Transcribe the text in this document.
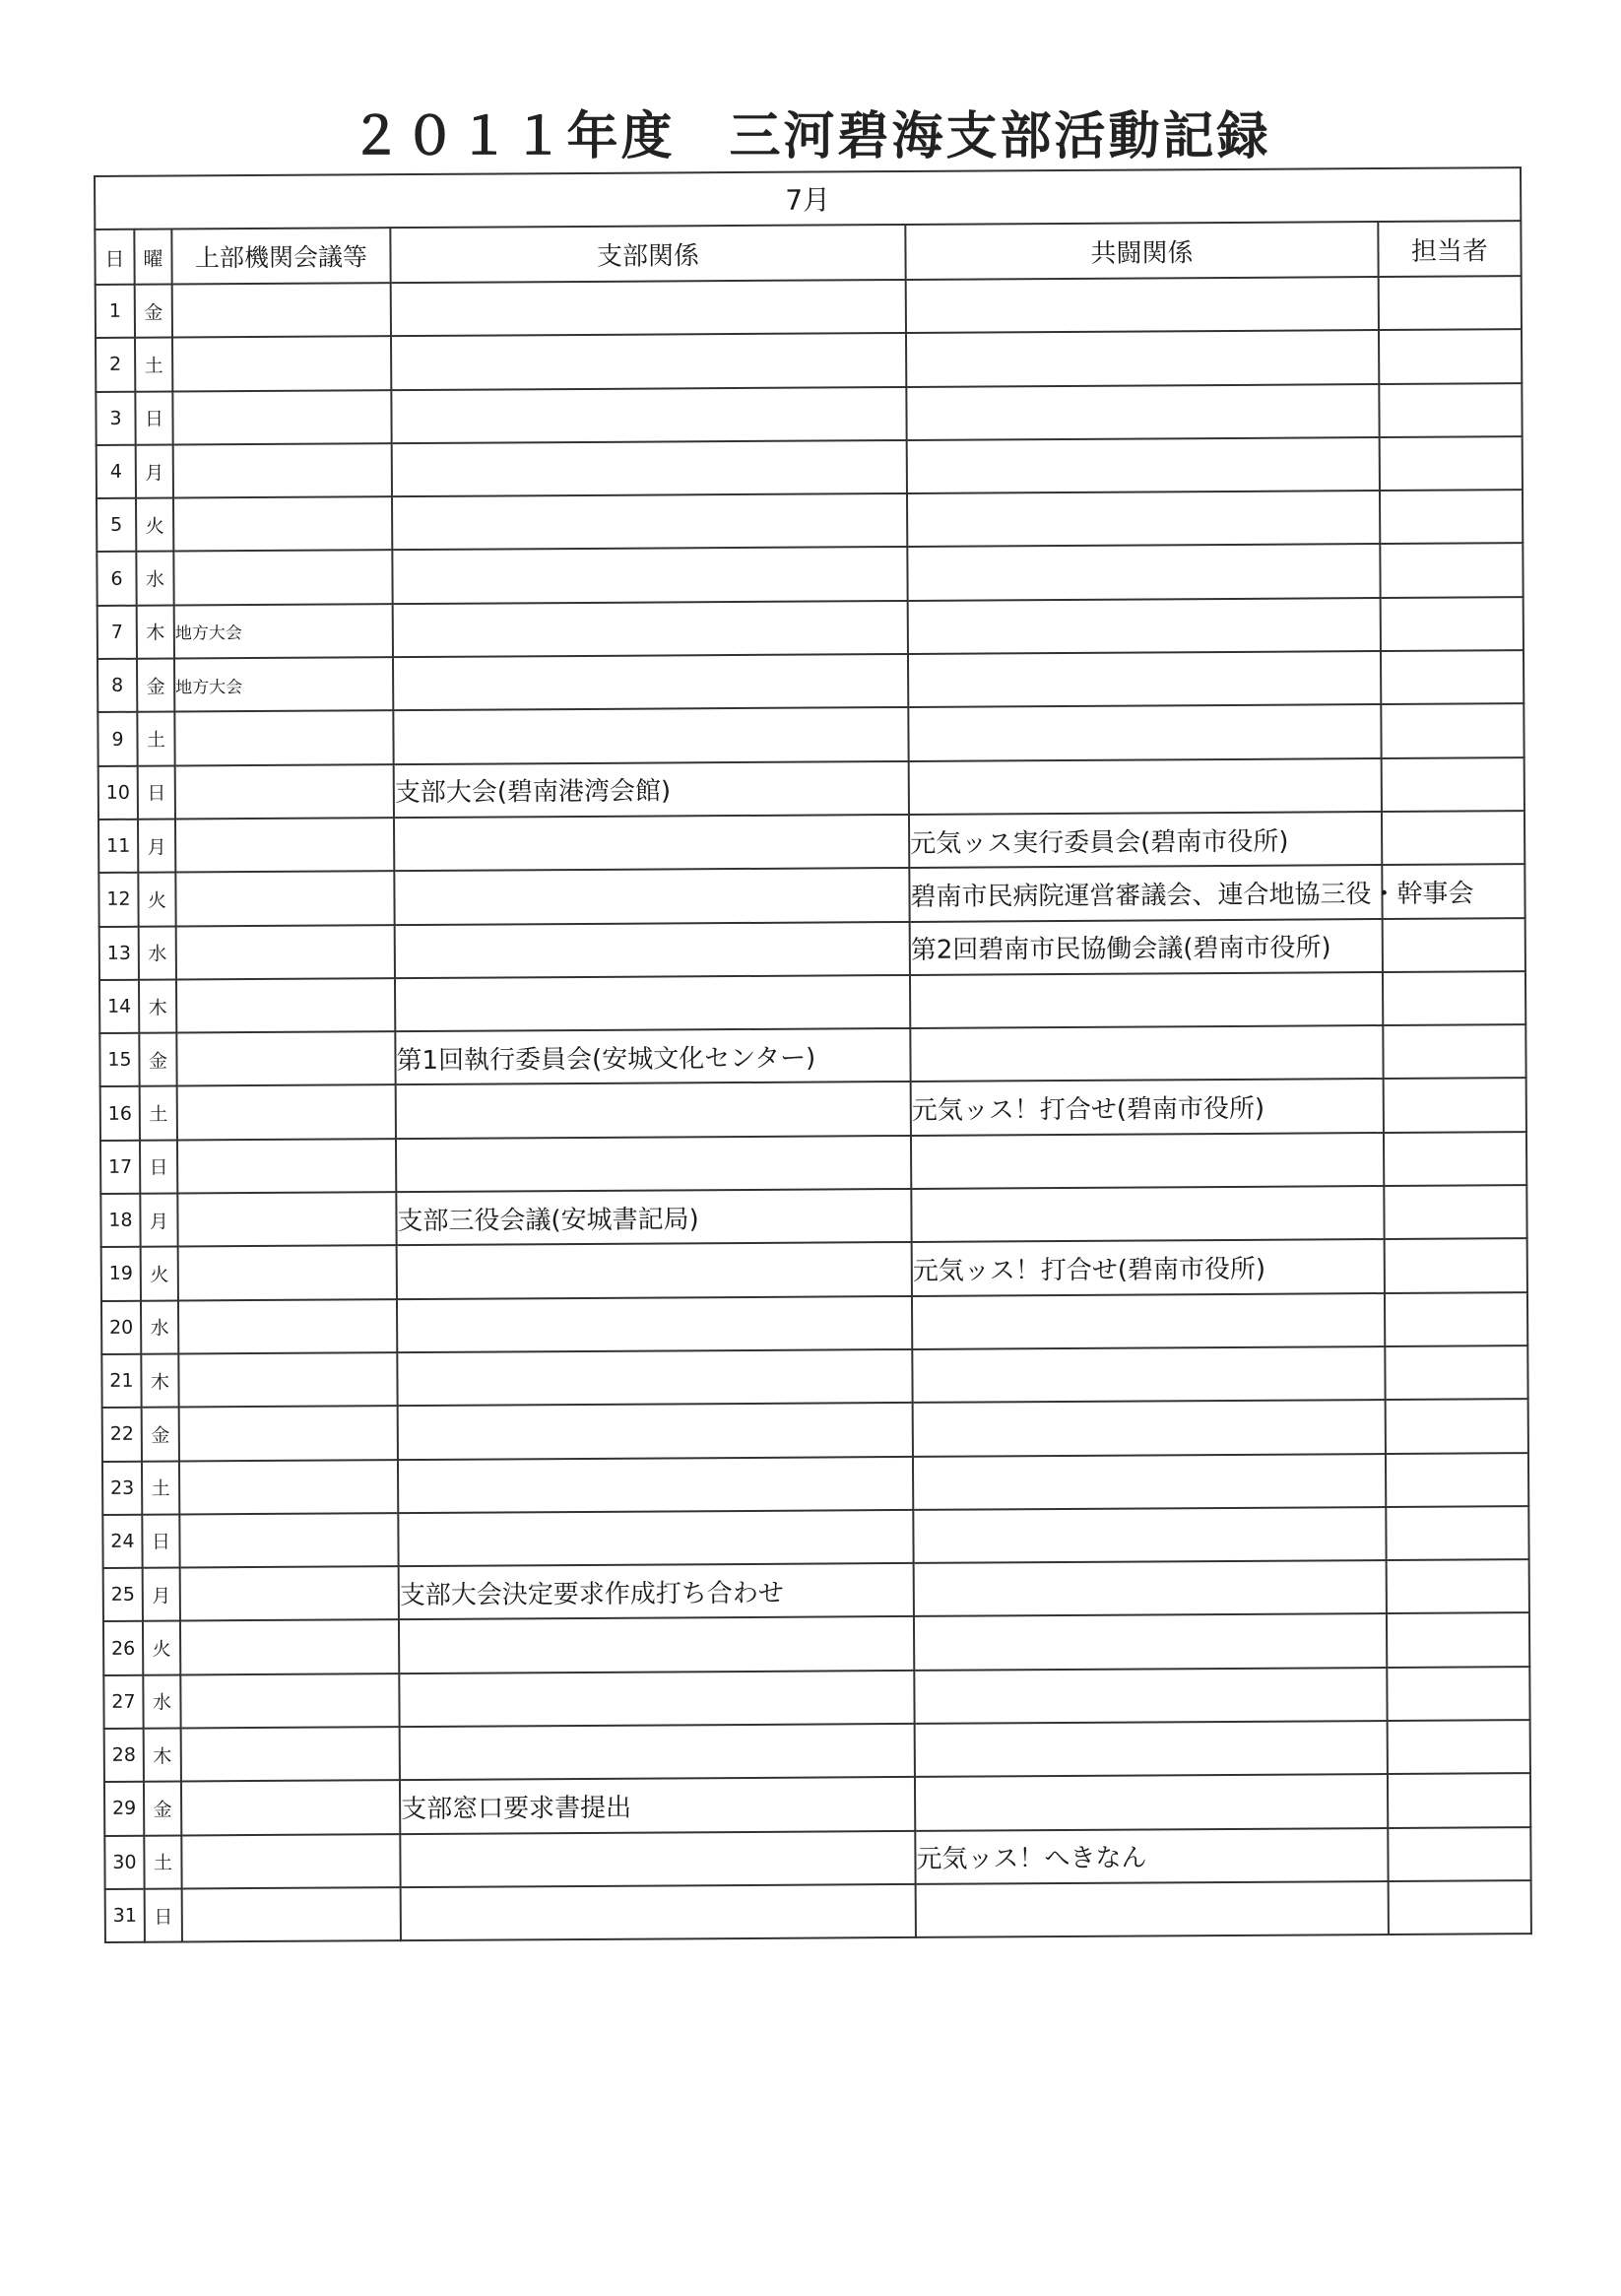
２０１１年度　三河碧海支部活動記録
7月					
日	曜	上部機関会議等	支部関係	共闘関係	担当者
1	金				
2	土				
3	日				
4	月				
5	火				
6	水				
7	木	地方大会			
8	金	地方大会			
9	土				
10	日		支部大会(碧南港湾会館)		
11	月			元気ッス実行委員会(碧南市役所)	
12	火			碧南市民病院運営審議会、連合地協三役・幹事会	
13	水			第2回碧南市民協働会議(碧南市役所)	
14	木				
15	金		第1回執行委員会(安城文化センター)		
16	土			元気ッス！打合せ(碧南市役所)	
17	日				
18	月		支部三役会議(安城書記局)		
19	火			元気ッス！打合せ(碧南市役所)	
20	水				
21	木				
22	金				
23	土				
24	日				
25	月		支部大会決定要求作成打ち合わせ		
26	火				
27	水				
28	木				
29	金		支部窓口要求書提出		
30	土			元気ッス！へきなん	
31	日				
